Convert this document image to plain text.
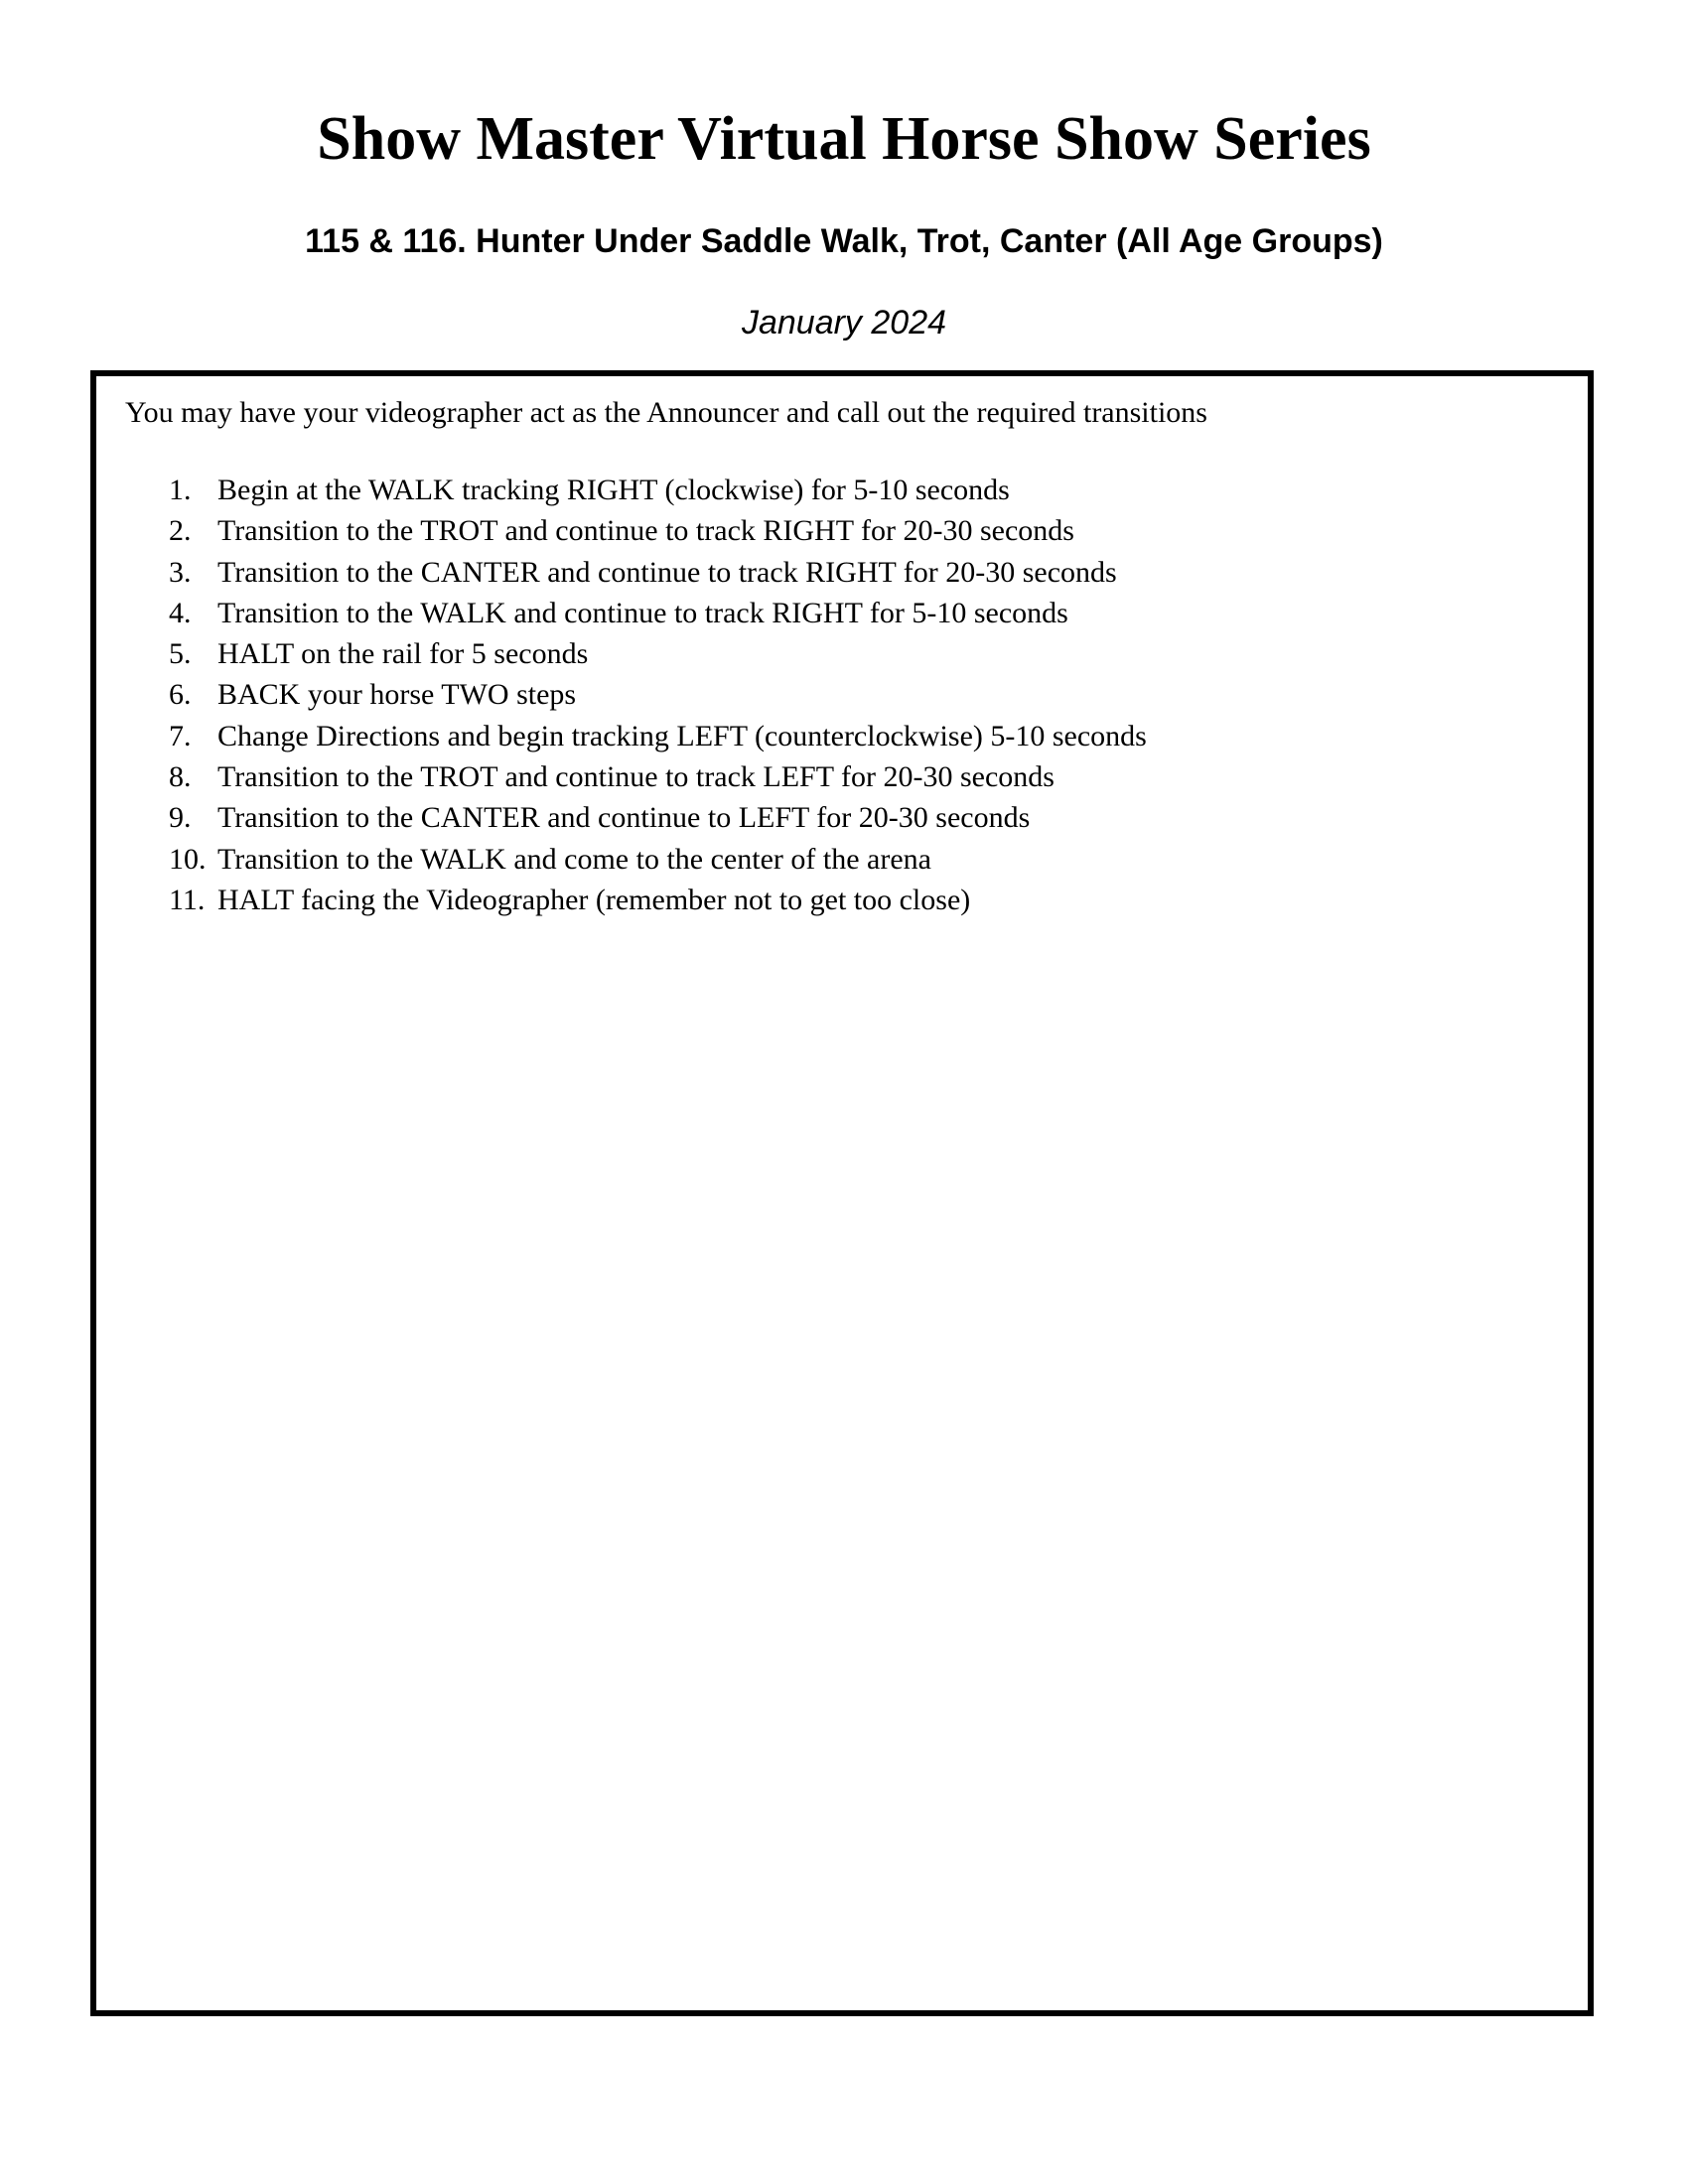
Show Master Virtual Horse Show Series
115 & 116. Hunter Under Saddle Walk, Trot, Canter (All Age Groups)

January 2024

You may have your videographer act as the Announcer and call out the required transitions

1. Begin at the WALK tracking RIGHT (clockwise) for 5-10 seconds
2. Transition to the TROT and continue to track RIGHT for 20-30 seconds
3. Transition to the CANTER and continue to track RIGHT for 20-30 seconds
4. Transition to the WALK and continue to track RIGHT for 5-10 seconds
5. HALT on the rail for 5 seconds
6. BACK your horse TWO steps
7. Change Directions and begin tracking LEFT (counterclockwise) 5-10 seconds
8. Transition to the TROT and continue to track LEFT for 20-30 seconds
9. Transition to the CANTER and continue to LEFT for 20-30 seconds
10. Transition to the WALK and come to the center of the arena
11. HALT facing the Videographer (remember not to get too close)
